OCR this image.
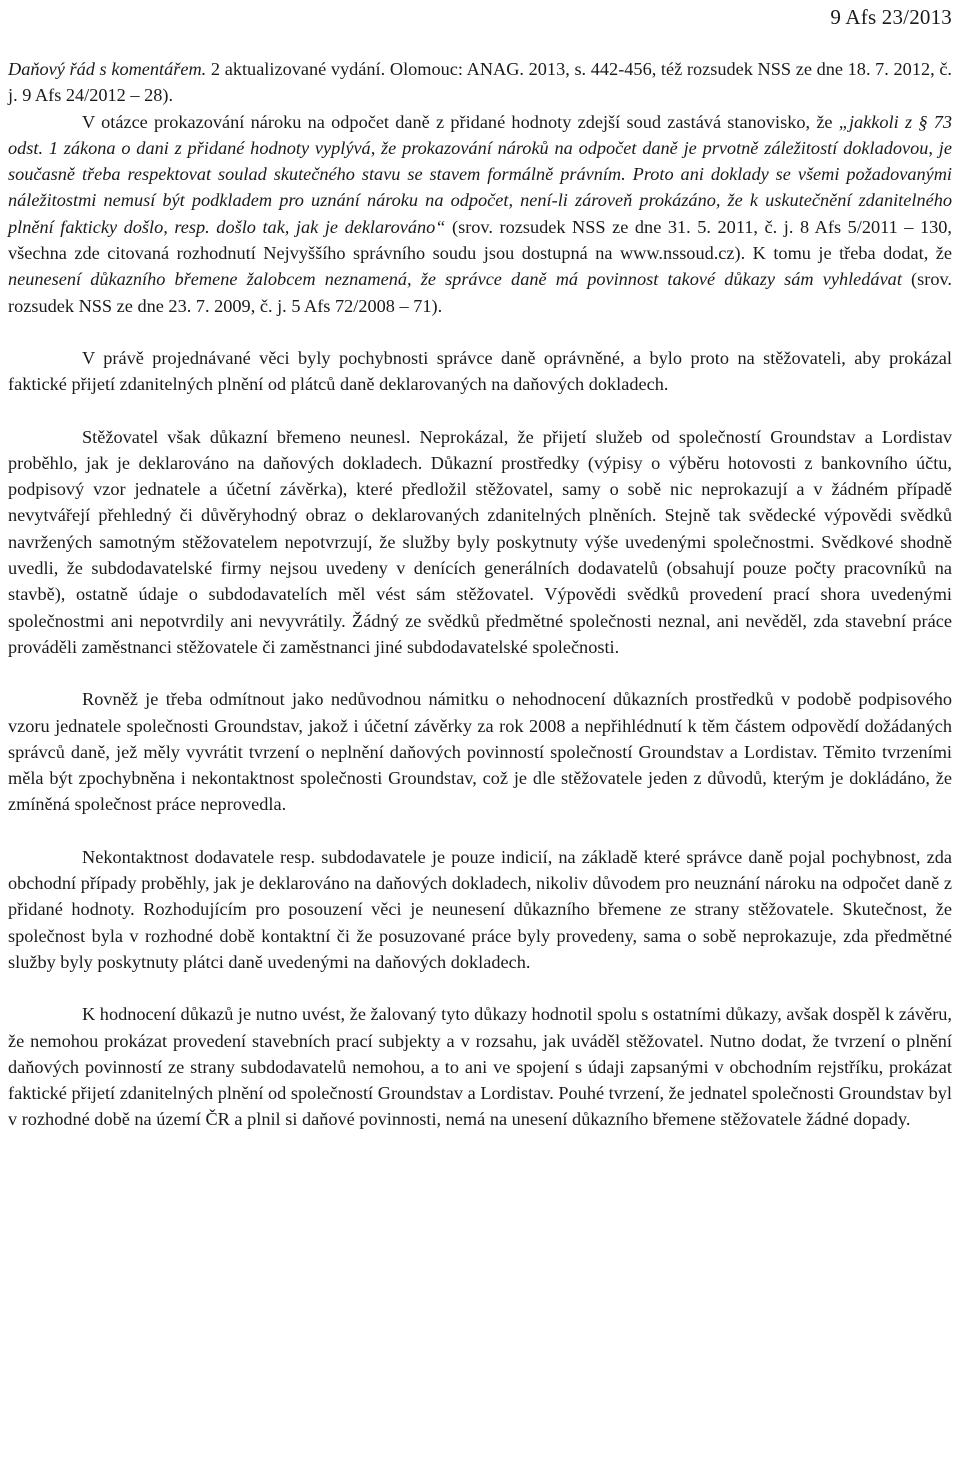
9 Afs 23/2013

Daňový řád s komentářem. 2 aktualizované vydání. Olomouc: ANAG. 2013, s. 442-456, též rozsudek NSS ze dne 18. 7. 2012, č. j. 9 Afs 24/2012 – 28).

V otázce prokazování nároku na odpočet daně z přidané hodnoty zdejší soud zastává stanovisko, že „jakkoli z § 73 odst. 1 zákona o dani z přidané hodnoty vyplývá, že prokazování nároků na odpočet daně je prvotně záležitostí dokladovou, je současně třeba respektovat soulad skutečného stavu se stavem formálně právním. Proto ani doklady se všemi požadovanými náležitostmi nemusí být podkladem pro uznání nároku na odpočet, není-li zároveň prokázáno, že k uskutečnění zdanitelného plnění fakticky došlo, resp. došlo tak, jak je deklarováno“ (srov. rozsudek NSS ze dne 31. 5. 2011, č. j. 8 Afs 5/2011 – 130, všechna zde citovaná rozhodnutí Nejvyššího správního soudu jsou dostupná na www.nssoud.cz). K tomu je třeba dodat, že neunesení důkazního břemene žalobcem neznamená, že správce daně má povinnost takové důkazy sám vyhledávat (srov. rozsudek NSS ze dne 23. 7. 2009, č. j. 5 Afs 72/2008 – 71).

V právě projednávané věci byly pochybnosti správce daně oprávněné, a bylo proto na stěžovateli, aby prokázal faktické přijetí zdanitelných plnění od plátců daně deklarovaných na daňových dokladech.

Stěžovatel však důkazní břemeno neunesl. Neprokázal, že přijetí služeb od společností Groundstav a Lordistav proběhlo, jak je deklarováno na daňových dokladech. Důkazní prostředky (výpisy o výběru hotovosti z bankovního účtu, podpisový vzor jednatele a účetní závěrka), které předložil stěžovatel, samy o sobě nic neprokazují a v žádném případě nevytvářejí přehledný či důvěryhodný obraz o deklarovaných zdanitelných plněních. Stejně tak svědecké výpovědi svědků navržených samotným stěžovatelem nepotvrzují, že služby byly poskytnuty výše uvedenými společnostmi. Svědkové shodně uvedli, že subdodavatelské firmy nejsou uvedeny v denících generálních dodavatelů (obsahují pouze počty pracovníků na stavbě), ostatně údaje o subdodavatelích měl vést sám stěžovatel. Výpovědi svědků provedení prací shora uvedenými společnostmi ani nepotvrdily ani nevyvrátily. Žádný ze svědků předmětné společnosti neznal, ani nevěděl, zda stavební práce prováděli zaměstnanci stěžovatele či zaměstnanci jiné subdodavatelské společnosti.

Rovněž je třeba odmítnout jako nedůvodnou námitku o nehodnocení důkazních prostředků v podobě podpisového vzoru jednatele společnosti Groundstav, jakož i účetní závěrky za rok 2008 a nepřihlédnutí k těm částem odpovědí dožádaných správců daně, jež měly vyvrátit tvrzení o neplnění daňových povinností společností Groundstav a Lordistav. Těmito tvrzeními měla být zpochybněna i nekontaktnost společnosti Groundstav, což je dle stěžovatele jeden z důvodů, kterým je dokládáno, že zmíněná společnost práce neprovedla.

Nekontaktnost dodavatele resp. subdodavatele je pouze indicií, na základě které správce daně pojal pochybnost, zda obchodní případy proběhly, jak je deklarováno na daňových dokladech, nikoliv důvodem pro neuznání nároku na odpočet daně z přidané hodnoty. Rozhodujícím pro posouzení věci je neunesení důkazního břemene ze strany stěžovatele. Skutečnost, že společnost byla v rozhodné době kontaktní či že posuzované práce byly provedeny, sama o sobě neprokazuje, zda předmětné služby byly poskytnuty plátci daně uvedenými na daňových dokladech.

K hodnocení důkazů je nutno uvést, že žalovaný tyto důkazy hodnotil spolu s ostatními důkazy, avšak dospěl k závěru, že nemohou prokázat provedení stavebních prací subjekty a v rozsahu, jak uváděl stěžovatel. Nutno dodat, že tvrzení o plnění daňových povinností ze strany subdodavatelů nemohou, a to ani ve spojení s údaji zapsanými v obchodním rejstříku, prokázat faktické přijetí zdanitelných plnění od společností Groundstav a Lordistav. Pouhé tvrzení, že jednatel společnosti Groundstav byl v rozhodné době na území ČR a plnil si daňové povinnosti, nemá na unesení důkazního břemene stěžovatele žádné dopady.
